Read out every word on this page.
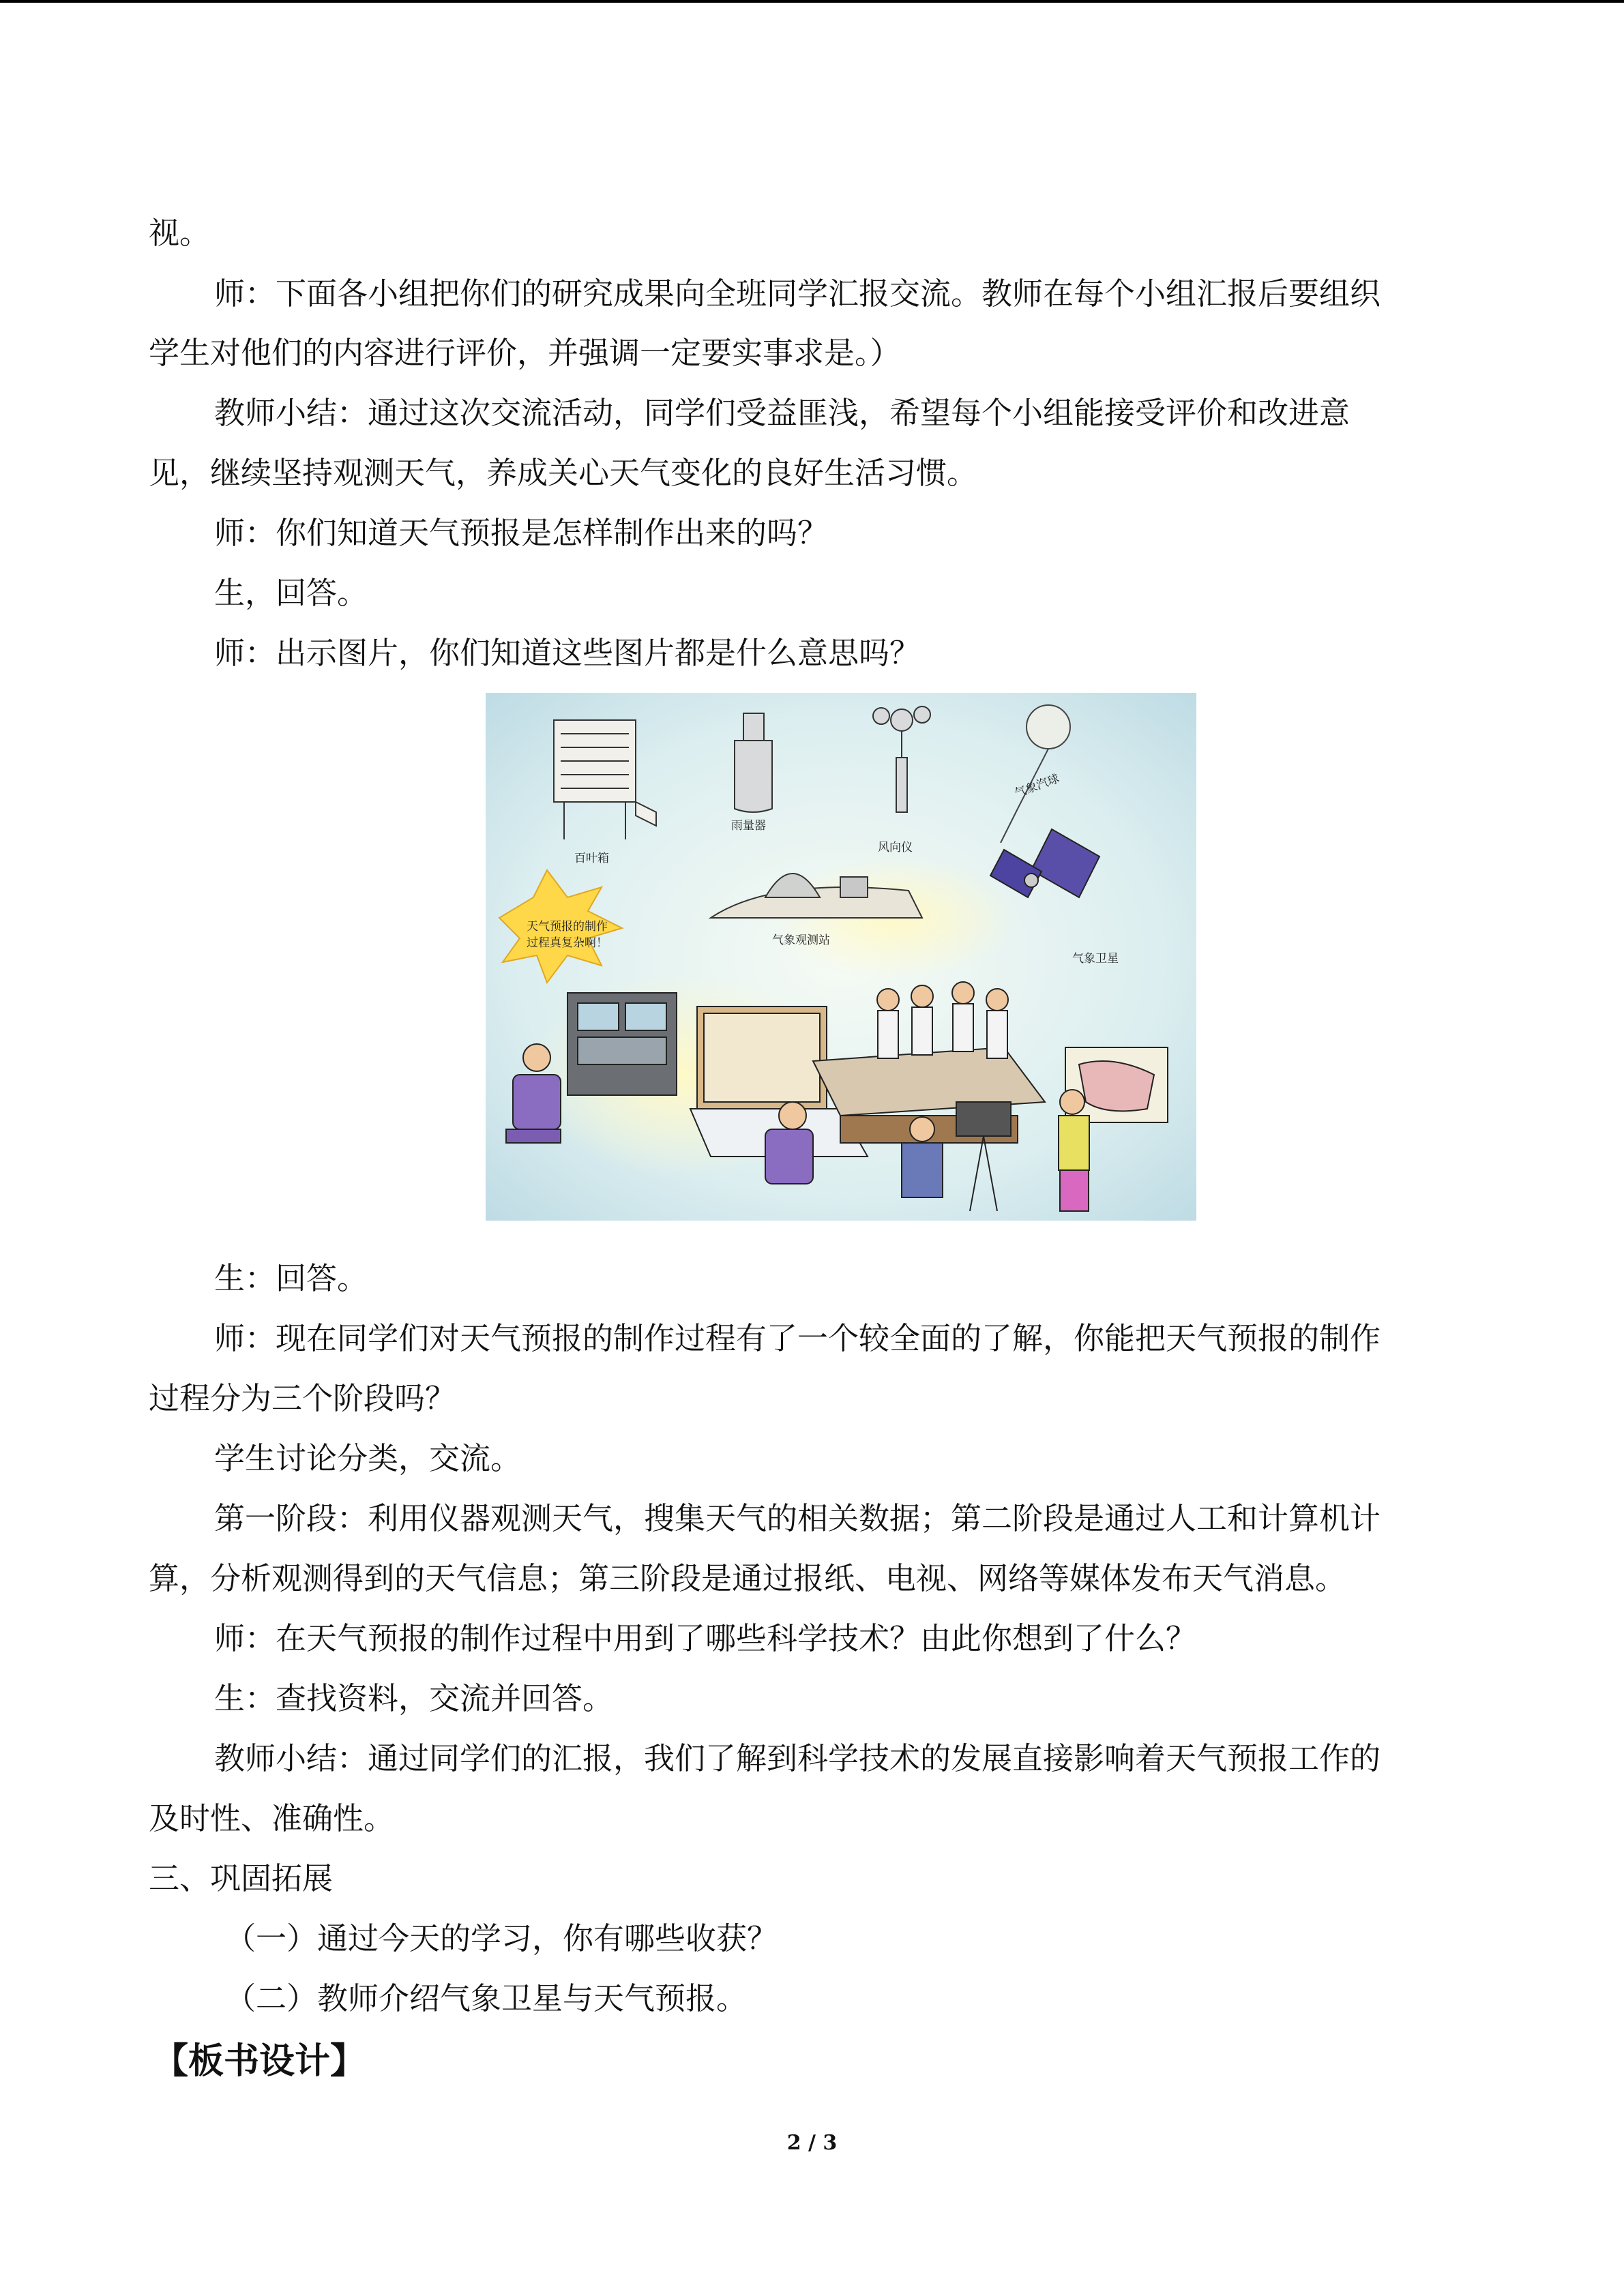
视。
师：下面各小组把你们的研究成果向全班同学汇报交流。教师在每个小组汇报后要组织
学生对他们的内容进行评价，并强调一定要实事求是。）
教师小结：通过这次交流活动，同学们受益匪浅，希望每个小组能接受评价和改进意
见，继续坚持观测天气，养成关心天气变化的良好生活习惯。
师：你们知道天气预报是怎样制作出来的吗？
生，回答。
师：出示图片，你们知道这些图片都是什么意思吗？
生：回答。
师：现在同学们对天气预报的制作过程有了一个较全面的了解，你能把天气预报的制作
过程分为三个阶段吗？
学生讨论分类，交流。
第一阶段：利用仪器观测天气，搜集天气的相关数据；第二阶段是通过人工和计算机计
算，分析观测得到的天气信息；第三阶段是通过报纸、电视、网络等媒体发布天气消息。
师：在天气预报的制作过程中用到了哪些科学技术？由此你想到了什么？
生：查找资料，交流并回答。
教师小结：通过同学们的汇报，我们了解到科学技术的发展直接影响着天气预报工作的
及时性、准确性。
三、巩固拓展
（一）通过今天的学习，你有哪些收获？
（二）教师介绍气象卫星与天气预报。
【板书设计】
百叶箱
雨量器
风向仪
气象汽球
气象观测站
气象卫星
天气预报的制作
过程真复杂啊！
2 / 3
